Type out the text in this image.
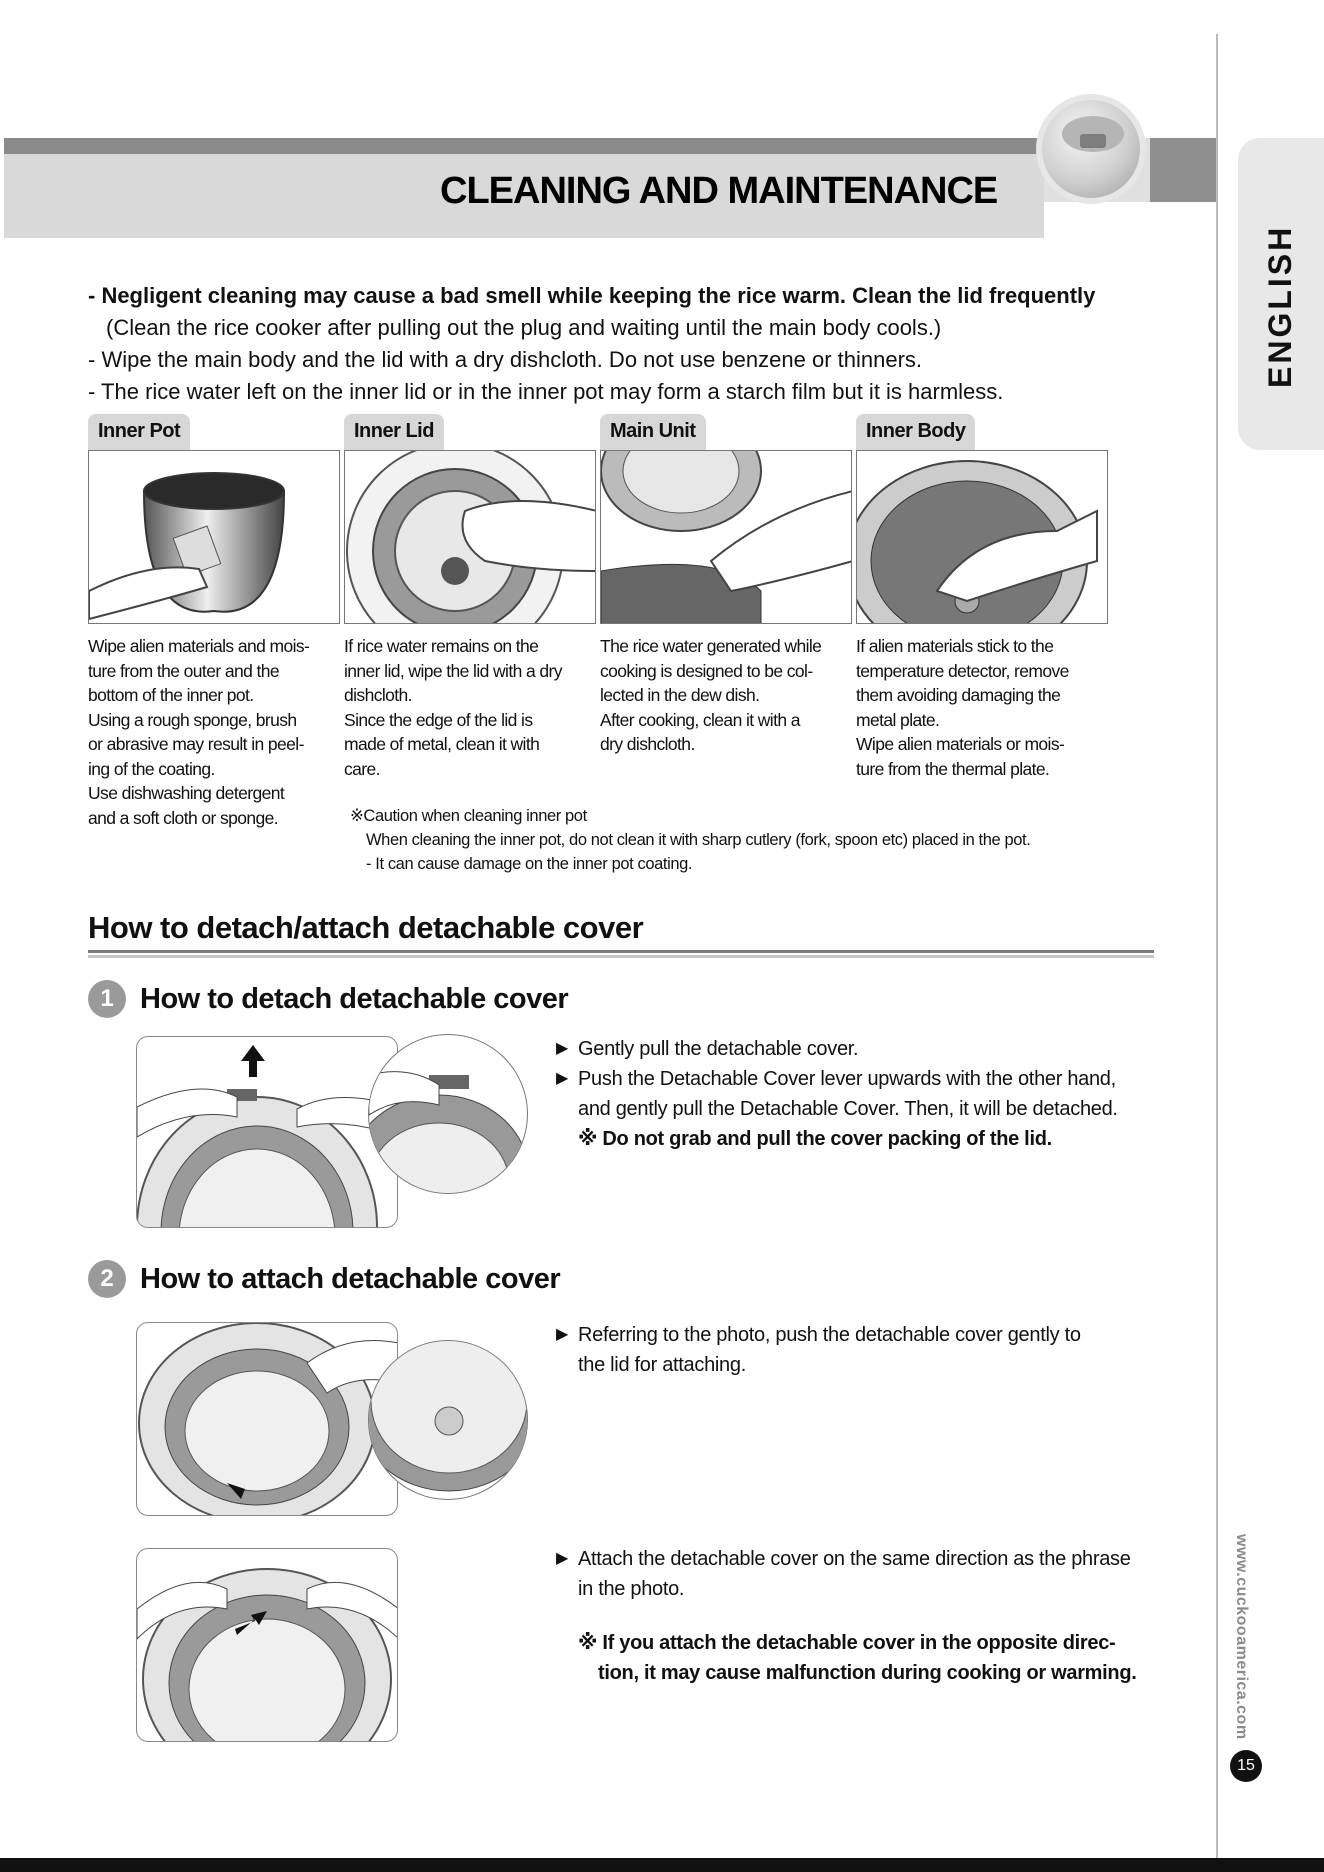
CLEANING AND MAINTENANCE
ENGLISH
www.cuckooamerica.com
15

- Negligent cleaning may cause a bad smell while keeping the rice warm. Clean the lid frequently

(Clean the rice cooker after pulling out the plug and waiting until the main body cools.)

- Wipe the main body and the lid with a dry dishcloth. Do not use benzene or thinners.

- The rice water left on the inner lid or in the inner pot may form a starch film but it is harmless.

Inner Pot
Wipe alien materials and mois-
ture from the outer and the
bottom of the inner pot.
Using a rough sponge, brush
or abrasive may result in peel-
ing of the coating.
Use dishwashing detergent
and a soft cloth or sponge.
Inner Lid
If rice water remains on the
inner lid, wipe the lid with a dry
dishcloth.
Since the edge of the lid is
made of metal, clean it with
care.
Main Unit
The rice water generated while
cooking is designed to be col-
lected in the dew dish.
After cooking, clean it with a
dry dishcloth.
Inner Body
If alien materials stick to the
temperature detector, remove
them avoiding damaging the
metal plate.
Wipe alien materials or mois-
ture from the thermal plate.
※Caution when cleaning inner pot
When cleaning the inner pot, do not clean it with sharp cutlery (fork, spoon etc) placed in the pot.
- It can cause damage on the inner pot coating.
How to detach/attach detachable cover
1 How to detach detachable cover
▶ Gently pull the detachable cover.
▶ Push the Detachable Cover lever upwards with the other hand,
and gently pull the Detachable Cover. Then, it will be detached.
※ Do not grab and pull the cover packing of the lid.
2 How to attach detachable cover
▶ Referring to the photo, push the detachable cover gently to
the lid for attaching.
▶ Attach the detachable cover on the same direction as the phrase
in the photo.
※ If you attach the detachable cover in the opposite direc-
tion, it may cause malfunction during cooking or warming.
